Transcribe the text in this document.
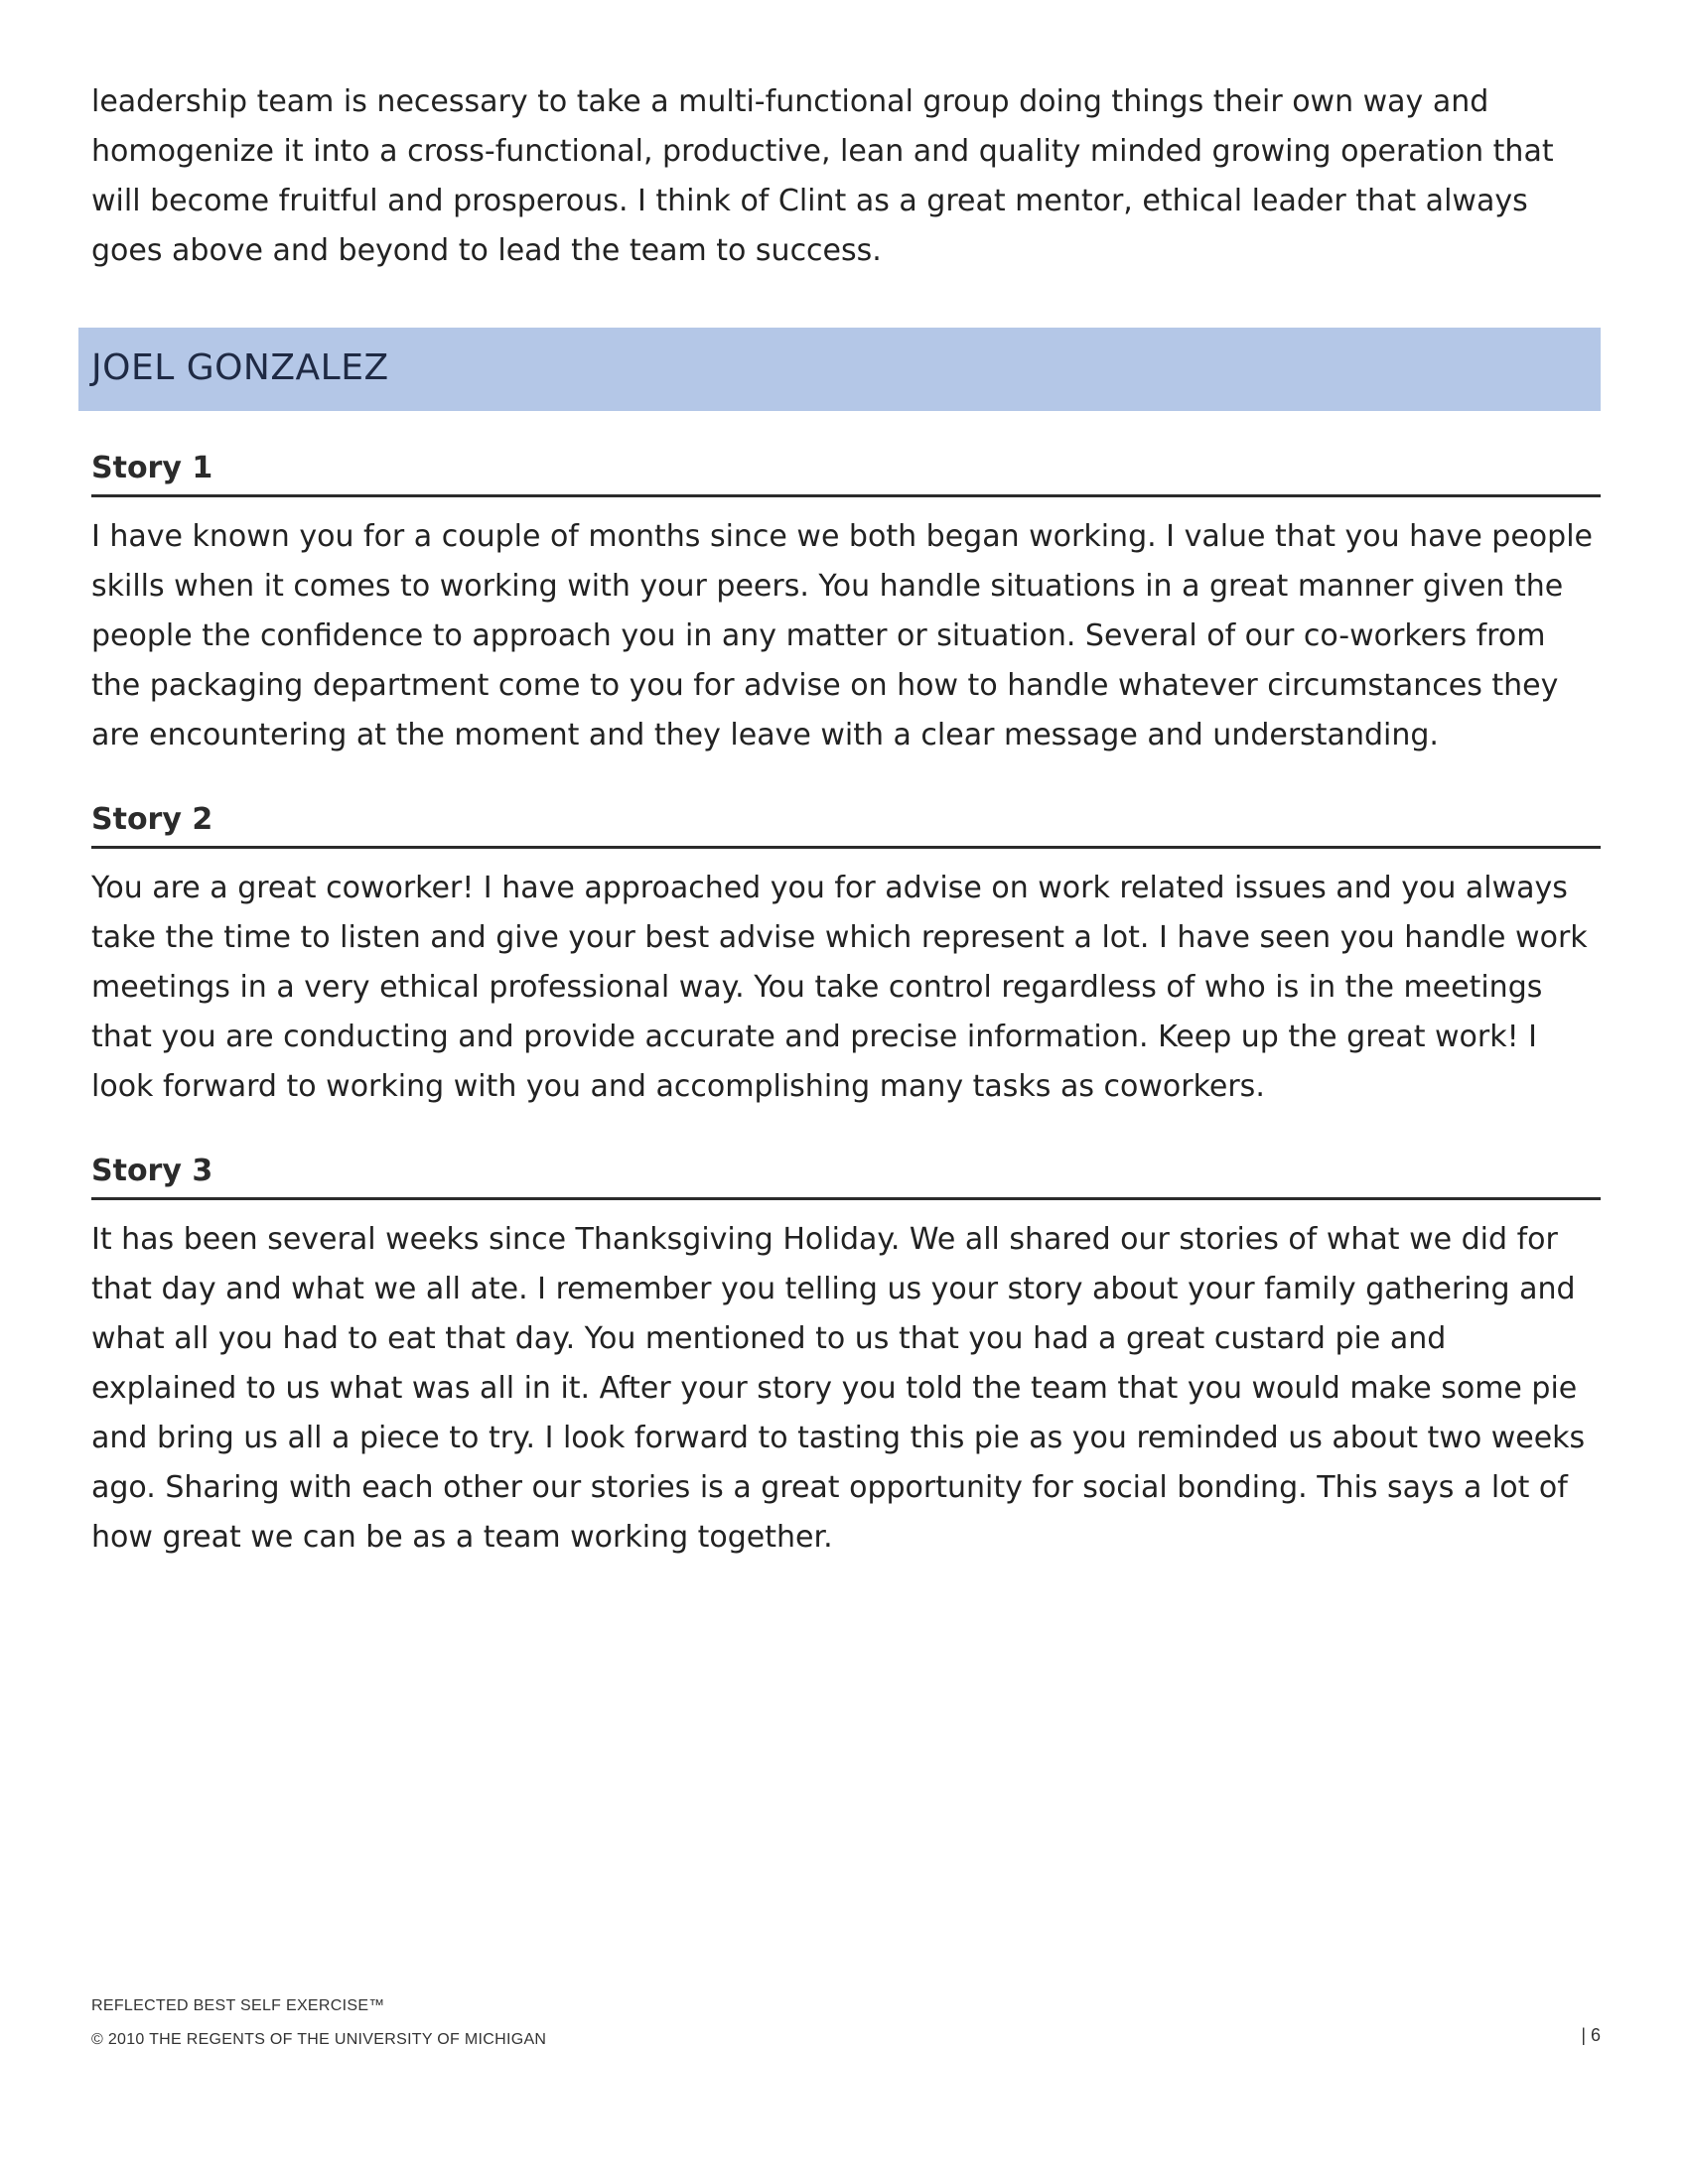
leadership team is necessary to take a multi-functional group doing things their own way and homogenize it into a cross-functional, productive, lean and quality minded growing operation that will become fruitful and prosperous. I think of Clint as a great mentor, ethical leader that always goes above and beyond to lead the team to success.

JOEL GONZALEZ
Story 1

I have known you for a couple of months since we both began working. I value that you have people skills when it comes to working with your peers. You handle situations in a great manner given the people the confidence to approach you in any matter or situation. Several of our co-workers from the packaging department come to you for advise on how to handle whatever circumstances they are encountering at the moment and they leave with a clear message and understanding.

Story 2

You are a great coworker! I have approached you for advise on work related issues and you always take the time to listen and give your best advise which represent a lot. I have seen you handle work meetings in a very ethical professional way. You take control regardless of who is in the meetings that you are conducting and provide accurate and precise information. Keep up the great work! I look forward to working with you and accomplishing many tasks as coworkers.

Story 3

It has been several weeks since Thanksgiving Holiday. We all shared our stories of what we did for that day and what we all ate. I remember you telling us your story about your family gathering and what all you had to eat that day. You mentioned to us that you had a great custard pie and explained to us what was all in it. After your story you told the team that you would make some pie and bring us all a piece to try. I look forward to tasting this pie as you reminded us about two weeks ago. Sharing with each other our stories is a great opportunity for social bonding. This says a lot of how great we can be as a team working together.

REFLECTED BEST SELF EXERCISE™

© 2010 THE REGENTS OF THE UNIVERSITY OF MICHIGAN	| 6
